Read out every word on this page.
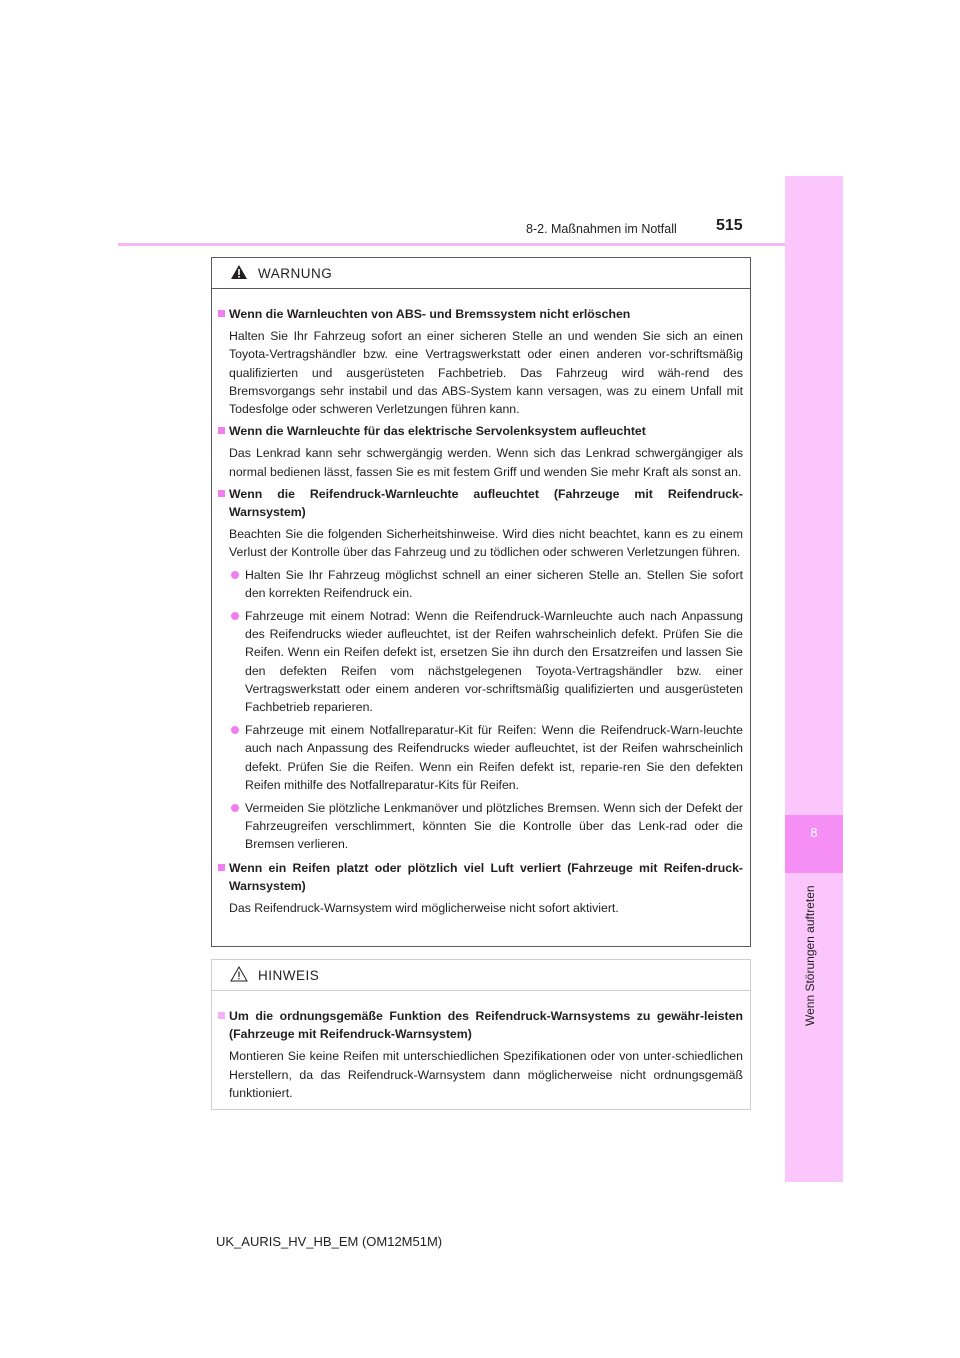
8
Wenn Störungen auftreten
8-2. Maßnahmen im Notfall 515
WARNUNG
Wenn die Warnleuchten von ABS- und Bremssystem nicht erlöschen
Halten Sie Ihr Fahrzeug sofort an einer sicheren Stelle an und wenden Sie sich an einen Toyota-Vertragshändler bzw. eine Vertragswerkstatt oder einen anderen vor-schriftsmäßig qualifizierten und ausgerüsteten Fachbetrieb. Das Fahrzeug wird wäh-rend des Bremsvorgangs sehr instabil und das ABS-System kann versagen, was zu einem Unfall mit Todesfolge oder schweren Verletzungen führen kann.
Wenn die Warnleuchte für das elektrische Servolenksystem aufleuchtet
Das Lenkrad kann sehr schwergängig werden. Wenn sich das Lenkrad schwergängiger als normal bedienen lässt, fassen Sie es mit festem Griff und wenden Sie mehr Kraft als sonst an.
Wenn die Reifendruck-Warnleuchte aufleuchtet (Fahrzeuge mit Reifendruck-Warnsystem)
Beachten Sie die folgenden Sicherheitshinweise. Wird dies nicht beachtet, kann es zu einem Verlust der Kontrolle über das Fahrzeug und zu tödlichen oder schweren Verletzungen führen.
Halten Sie Ihr Fahrzeug möglichst schnell an einer sicheren Stelle an. Stellen Sie sofort den korrekten Reifendruck ein.
Fahrzeuge mit einem Notrad: Wenn die Reifendruck-Warnleuchte auch nach Anpassung des Reifendrucks wieder aufleuchtet, ist der Reifen wahrscheinlich defekt. Prüfen Sie die Reifen. Wenn ein Reifen defekt ist, ersetzen Sie ihn durch den Ersatzreifen und lassen Sie den defekten Reifen vom nächstgelegenen Toyota-Vertragshändler bzw. einer Vertragswerkstatt oder einem anderen vor-schriftsmäßig qualifizierten und ausgerüsteten Fachbetrieb reparieren.
Fahrzeuge mit einem Notfallreparatur-Kit für Reifen: Wenn die Reifendruck-Warn-leuchte auch nach Anpassung des Reifendrucks wieder aufleuchtet, ist der Reifen wahrscheinlich defekt. Prüfen Sie die Reifen. Wenn ein Reifen defekt ist, reparie-ren Sie den defekten Reifen mithilfe des Notfallreparatur-Kits für Reifen.
Vermeiden Sie plötzliche Lenkmanöver und plötzliches Bremsen. Wenn sich der Defekt der Fahrzeugreifen verschlimmert, könnten Sie die Kontrolle über das Lenk-rad oder die Bremsen verlieren.
Wenn ein Reifen platzt oder plötzlich viel Luft verliert (Fahrzeuge mit Reifen-druck-Warnsystem)
Das Reifendruck-Warnsystem wird möglicherweise nicht sofort aktiviert.
HINWEIS
Um die ordnungsgemäße Funktion des Reifendruck-Warnsystems zu gewähr-leisten (Fahrzeuge mit Reifendruck-Warnsystem)
Montieren Sie keine Reifen mit unterschiedlichen Spezifikationen oder von unter-schiedlichen Herstellern, da das Reifendruck-Warnsystem dann möglicherweise nicht ordnungsgemäß funktioniert.
UK_AURIS_HV_HB_EM (OM12M51M)
